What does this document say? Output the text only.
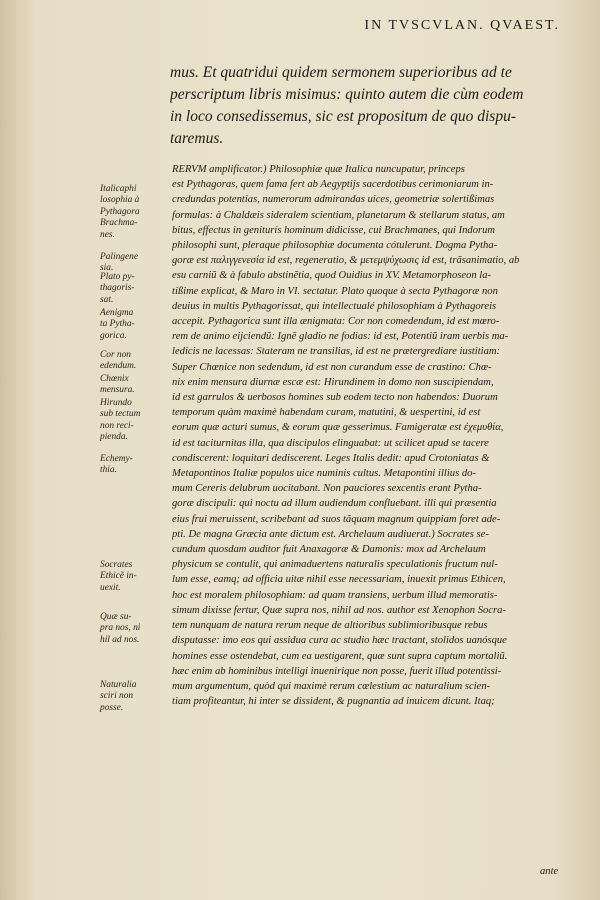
IN TVSCVLAN. QVAEST.
mus. Et quatridui quidem sermonem superioribus ad te
perscriptum libris misimus: quinto autem die cùm eodem
in loco consedissemus, sic est propositum de quo dispu-
taremus.
RERVM amplificator.) Philosophiæ quæ Italica nuncupatur, princeps
est Pythagoras, quem fama fert ab Aegyptijs sacerdotibus cerimoniarum in-
credundas potentias, numerorum admirandas uices, geometriæ solertißimas
formulas: à Chaldæis sideralem scientiam, planetarum & stellarum status, am
bitus, effectus in geniturís hominum didicisse, cui Brachmanes, qui Indorum
philosophi sunt, pleraque philosophiæ documenta cótulerunt. Dogma Pytha-
goræ est παλιγγενεσία id est, regeneratio, & μετεμψύχωσις id est, trãsanimatio, ab
esu carniũ & à fabulo abstinẽtia, quod Ouidius in XV. Metamorphoseon la-
tißime explicat, & Maro in VI. sectatur. Plato quoque à secta Pythagoræ non
deuius in multis Pythagorissat, qui intellectualé philosophiam à Pythagoreis
accepit. Pythagorica sunt illa ænigmata: Cor non comedendum, id est mœro-
rem de animo eijciendũ: Ignẽ gladio ne fodias: id est, Potentiũ iram uerbis ma-
ledicis ne lacessas: Stateram ne transilias, id est ne prætergrediare iustitiam:
Super Chœnice non sedendum, id est non curandum esse de crastino: Chœ-
nix enim mensura diurnæ escæ est: Hirundinem in domo non suscipiendam,
id est garrulos & uerbosos homines sub eodem tecto non habendos: Duorum
temporum quàm maximè habendam curam, matutini, & uespertini, id est
eorum quæ acturi sumus, & eorum quæ gesserimus. Famigeratæ est ἐχεμυθία,
id est taciturnitas illa, qua discipulos elinguabat: ut scilicet apud se tacere
condiscerent: loquitari dediscerent. Leges Italis dedit: apud Crotoniatas &
Metapontinos Italiæ populos uice numinis cultus. Metapontini illius do-
mum Cereris delubrum uocitabant. Non pauciores sexcentis erant Pytha-
goræ discipuli: qui noctu ad illum audiendum confluebant. illi qui præsentia
eius frui meruissent, scribebant ad suos tãquam magnum quippiam foret ade-
pti. De magna Græcia ante dictum est. Archelaum audiuerat.) Socrates se-
cundum quosdam auditor fuit Anaxagoræ & Damonis: mox ad Archelaum
physicum se contulit, qui animaduertens naturalis speculationis fructum nul-
lum esse, eamq; ad officia uitæ nihil esse necessariam, inuexit primus Ethicen,
hoc est moralem philosophiam: ad quam transiens, uerbum illud memoratis-
simum dixisse fertur, Quæ supra nos, nihil ad nos. author est Xenophon Socra-
tem nunquam de natura rerum neque de altioribus sublimioribusque rebus
disputasse: imo eos qui assidua cura ac studio hæc tractant, stolidos uanósque
homines esse ostendebat, cum ea uestigarent, quæ sunt supra captum mortaliũ.
hæc enim ab hominibus intelligi inuenirique non posse, fuerit illud potentissi-
mum argumentum, quòd qui maximè rerum cœlestium ac naturalium scien-
tiam profiteantur, hi inter se dissident, & pugnantia ad inuicem dicunt. Itaq;
Italicaphi
losophia à
Pythagora
Brachma-
nes.
Palingene
sia.
Plato py-
thagoris-
sat.
Aenigma
ta Pytha-
gorica.
Cor non
edendum.
Chœnix
mensura.
Hirundo
sub tectum
non reci-
pienda.
Echemy-
thia.
Socrates
Ethicẽ in-
uexit.
Quæ su-
pra nos, ni
hil ad nos.
Naturalia
sciri non
posse.
ante
